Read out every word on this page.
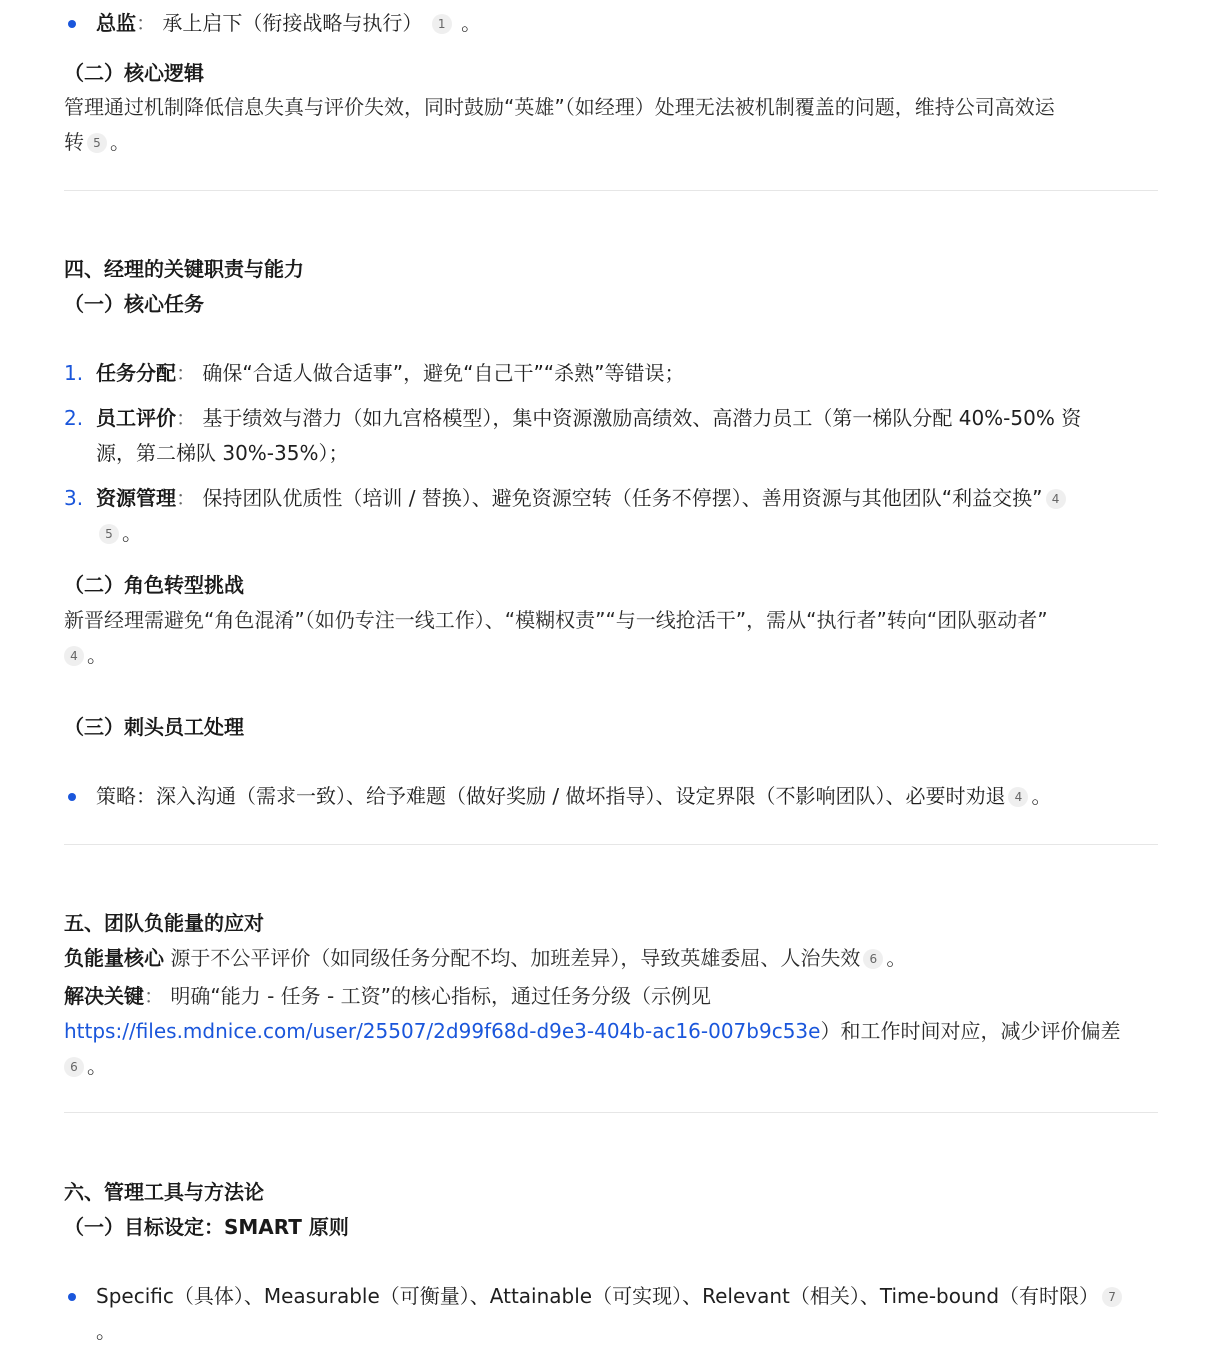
总监： 承上启下（衔接战略与执行） 1 。
（二）核心逻辑
管理通过机制降低信息失真与评价失效，同时鼓励“英雄”（如经理）处理无法被机制覆盖的问题，维持公司高效运
转 5 。
四、经理的关键职责与能力
（一）核心任务
1. 任务分配： 确保“合适人做合适事”，避免“自己干”“杀熟”等错误；
2. 员工评价： 基于绩效与潜力（如九宫格模型），集中资源激励高绩效、高潜力员工（第一梯队分配 40%-50% 资
源，第二梯队 30%-35%）；
3. 资源管理： 保持团队优质性（培训 / 替换）、避免资源空转（任务不停摆）、善用资源与其他团队“利益交换” 4
5 。
（二）角色转型挑战
新晋经理需避免“角色混淆”（如仍专注一线工作）、“模糊权责”“与一线抢活干”，需从“执行者”转向“团队驱动者”
4 。
（三）刺头员工处理
策略：深入沟通（需求一致）、给予难题（做好奖励 / 做坏指导）、设定界限（不影响团队）、必要时劝退 4 。
五、团队负能量的应对
负能量核心 源于不公平评价（如同级任务分配不均、加班差异），导致英雄委屈、人治失效 6 。
解决关键： 明确“能力 - 任务 - 工资”的核心指标，通过任务分级（示例见
https://files.mdnice.com/user/25507/2d99f68d-d9e3-404b-ac16-007b9c53e）和工作时间对应，减少评价偏差
6 。
六、管理工具与方法论
（一）目标设定：SMART 原则
Specific（具体）、Measurable（可衡量）、Attainable（可实现）、Relevant（相关）、Time-bound（有时限） 7
。
